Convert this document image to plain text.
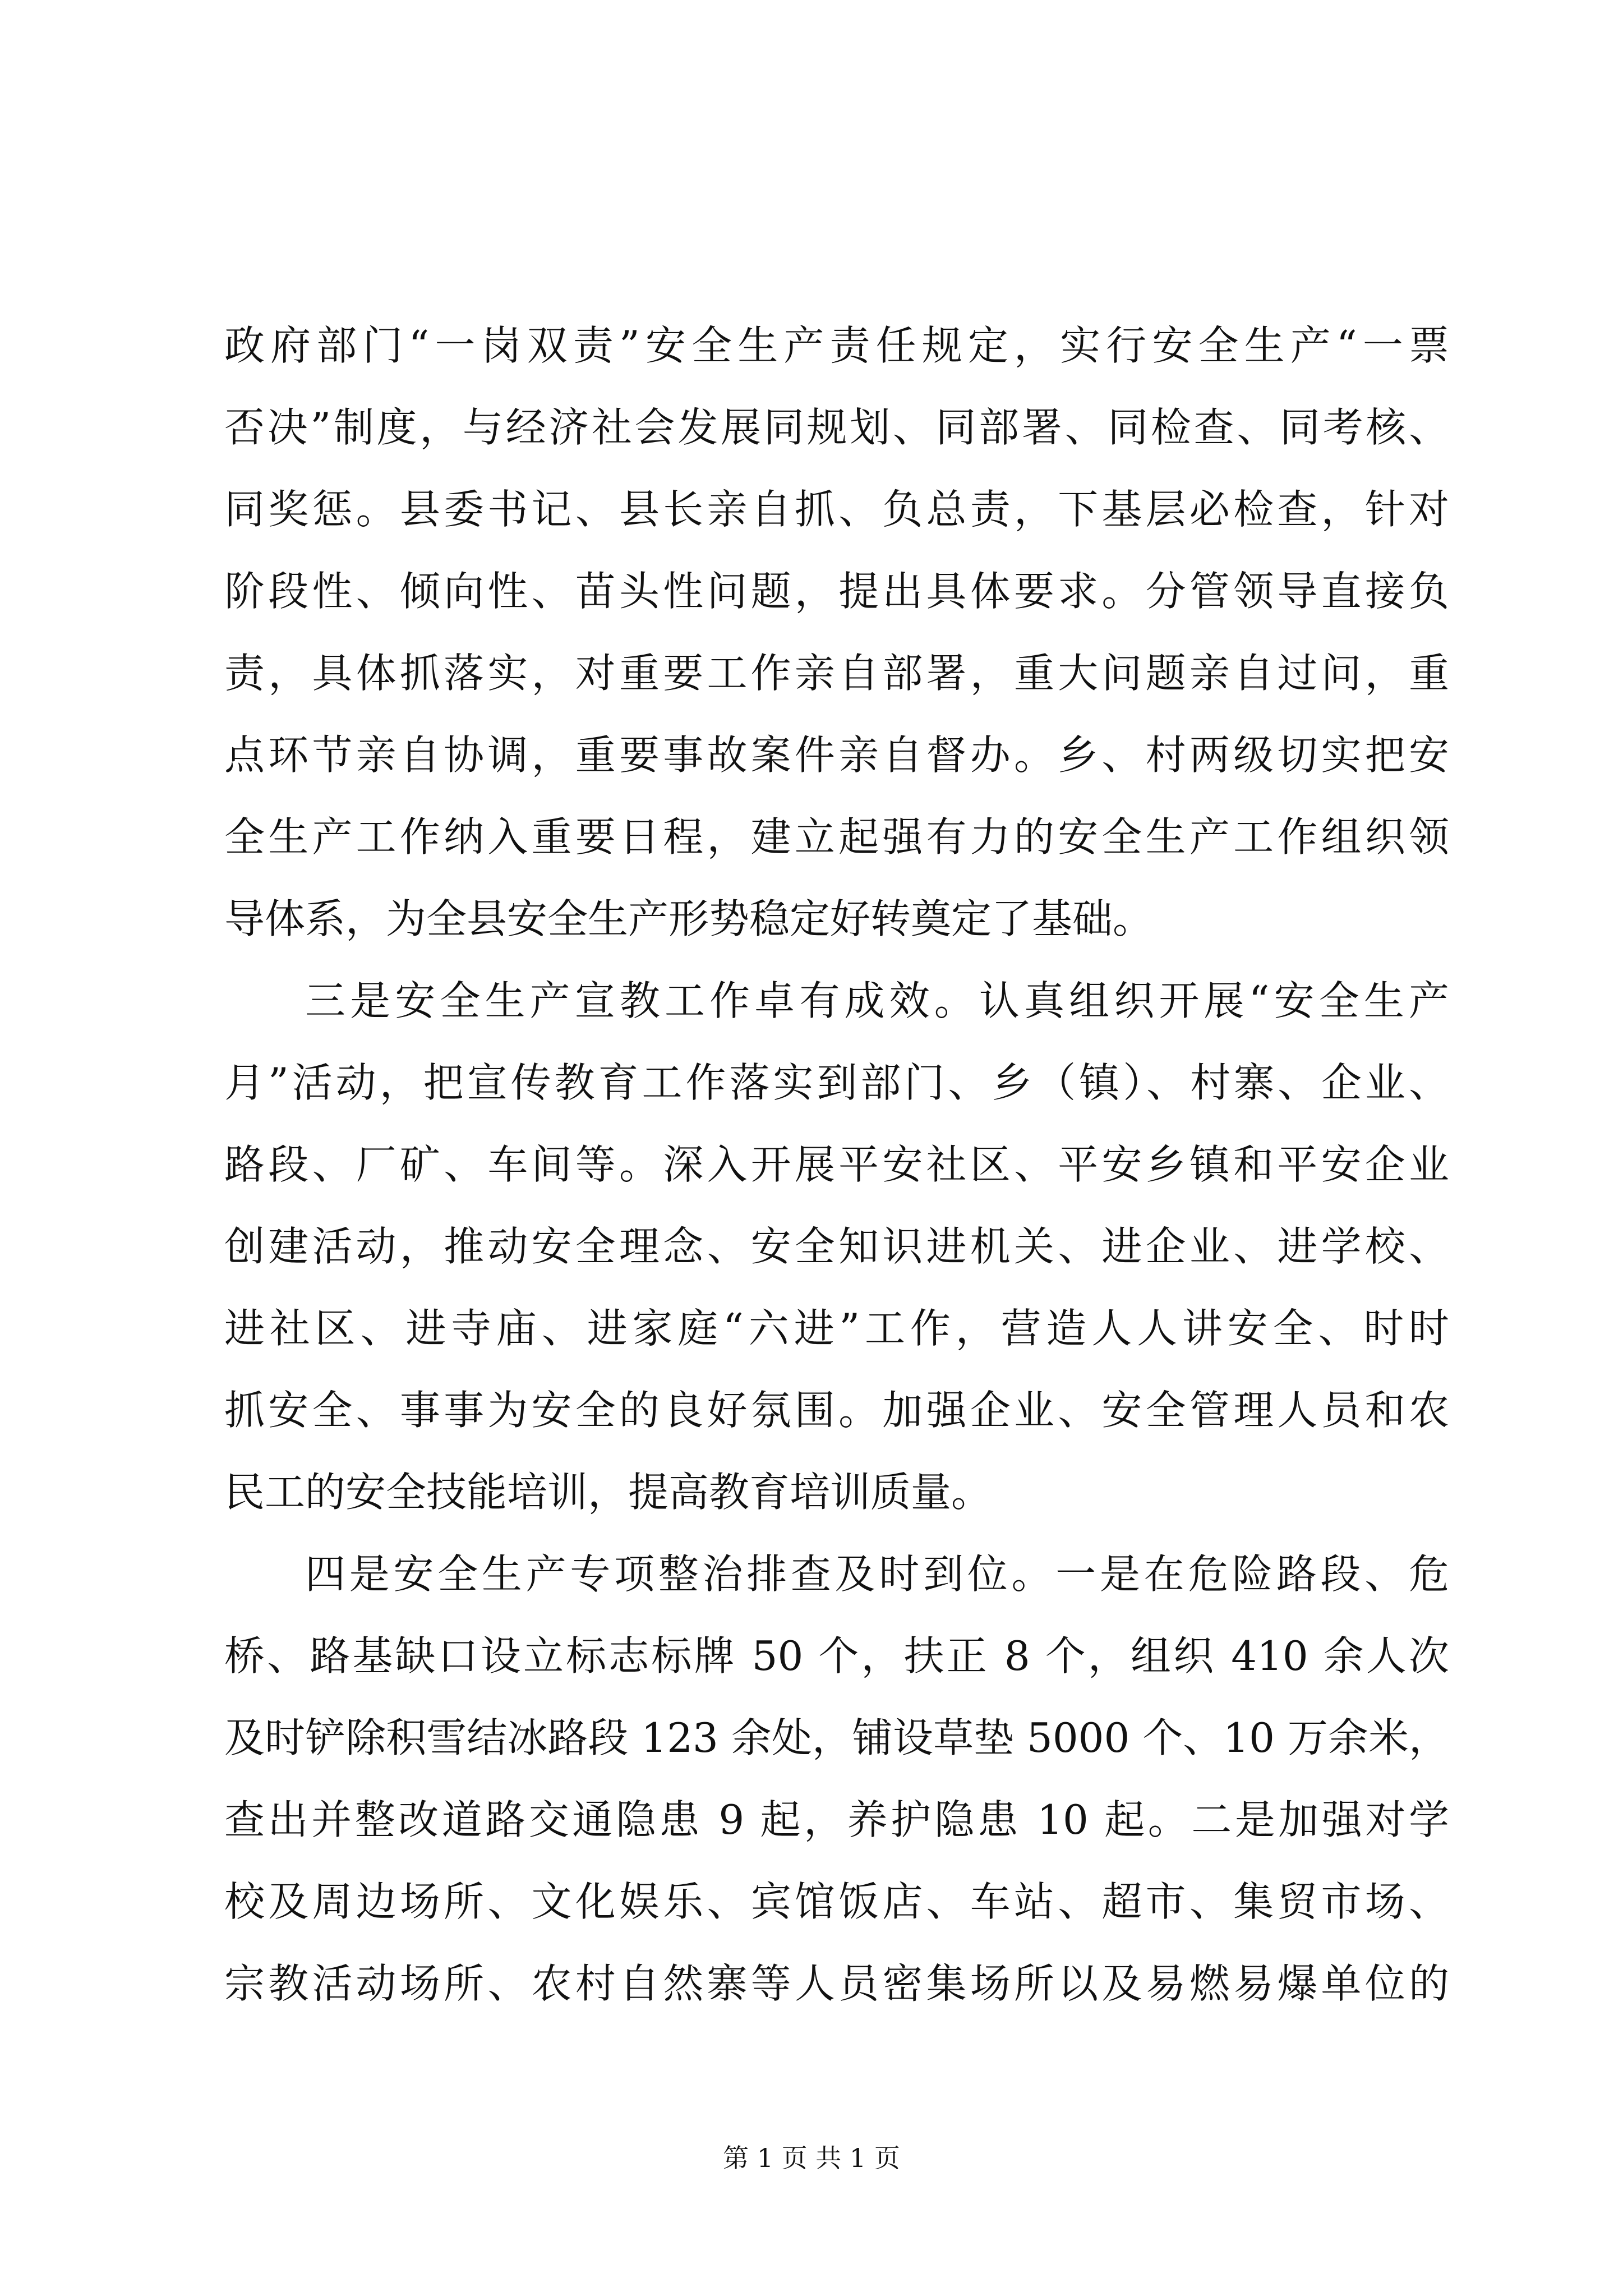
政府部门“一岗双责”安全生产责任规定，实行安全生产“一票
否决”制度，与经济社会发展同规划、同部署、同检查、同考核、
同奖惩。县委书记、县长亲自抓、负总责，下基层必检查，针对
阶段性、倾向性、苗头性问题，提出具体要求。分管领导直接负
责，具体抓落实，对重要工作亲自部署，重大问题亲自过问，重
点环节亲自协调，重要事故案件亲自督办。乡、村两级切实把安
全生产工作纳入重要日程，建立起强有力的安全生产工作组织领
导体系，为全县安全生产形势稳定好转奠定了基础。
三是安全生产宣教工作卓有成效。认真组织开展“安全生产
月”活动，把宣传教育工作落实到部门、乡（镇）、村寨、企业、
路段、厂矿、车间等。深入开展平安社区、平安乡镇和平安企业
创建活动，推动安全理念、安全知识进机关、进企业、进学校、
进社区、进寺庙、进家庭“六进”工作，营造人人讲安全、时时
抓安全、事事为安全的良好氛围。加强企业、安全管理人员和农
民工的安全技能培训，提高教育培训质量。
四是安全生产专项整治排查及时到位。一是在危险路段、危
桥、路基缺口设立标志标牌 50 个，扶正 8 个，组织 410 余人次
及时铲除积雪结冰路段 123 余处，铺设草垫 5000 个、10 万余米，
查出并整改道路交通隐患 9 起，养护隐患 10 起。二是加强对学
校及周边场所、文化娱乐、宾馆饭店、车站、超市、集贸市场、
宗教活动场所、农村自然寨等人员密集场所以及易燃易爆单位的
第 1 页 共 1 页
